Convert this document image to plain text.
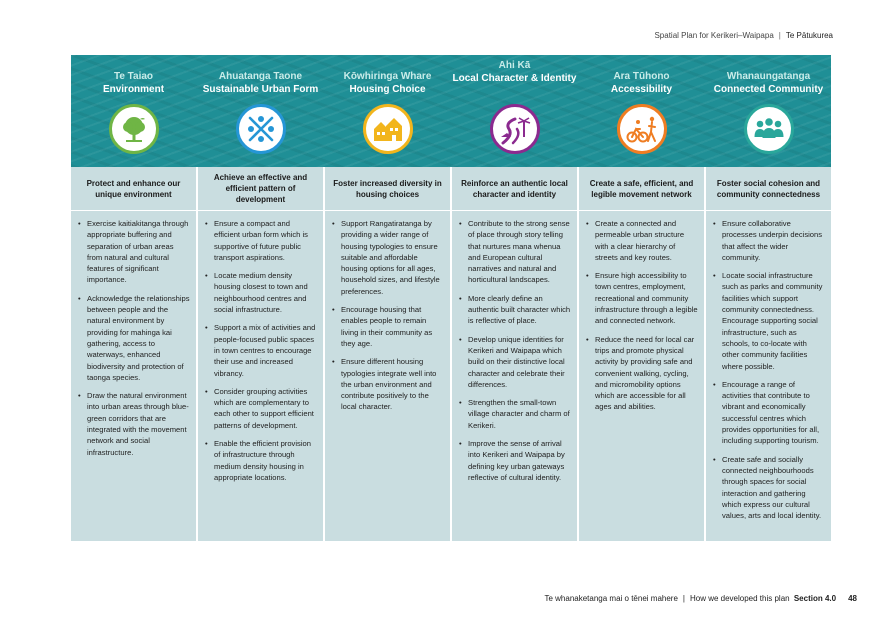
Spatial Plan for Kerikeri–Waipapa | Te Pātukurea
Te Taiao
Environment
Protect and enhance our unique environment
• Exercise kaitiakitanga through appropriate buffering and separation of urban areas from natural and cultural features of significant importance.
• Acknowledge the relationships between people and the natural environment by providing for mahinga kai gathering, access to waterways, enhanced biodiversity and protection of taonga species.
• Draw the natural environment into urban areas through blue-green corridors that are integrated with the movement network and social infrastructure.
Ahuatanga Taone
Sustainable Urban Form
Achieve an effective and efficient pattern of development
• Ensure a compact and efficient urban form which is supportive of future public transport aspirations.
• Locate medium density housing closest to town and neighbourhood centres and social infrastructure.
• Support a mix of activities and people-focused public spaces in town centres to encourage their use and increased vibrancy.
• Consider grouping activities which are complementary to each other to support efficient patterns of development.
• Enable the efficient provision of infrastructure through medium density housing in appropriate locations.
Kōwhiringa Whare
Housing Choice
Foster increased diversity in housing choices
• Support Rangatiratanga by providing a wider range of housing typologies to ensure suitable and affordable housing options for all ages, household sizes, and lifestyle preferences.
• Encourage housing that enables people to remain living in their community as they age.
• Ensure different housing typologies integrate well into the urban environment and contribute positively to the local character.
Ahi Kā
Local Character & Identity
Reinforce an authentic local character and identity
• Contribute to the strong sense of place through story telling that nurtures mana whenua and European cultural narratives and natural and horticultural landscapes.
• More clearly define an authentic built character which is reflective of place.
• Develop unique identities for Kerikeri and Waipapa which build on their distinctive local character and celebrate their differences.
• Strengthen the small-town village character and charm of Kerikeri.
• Improve the sense of arrival into Kerikeri and Waipapa by defining key urban gateways reflective of cultural identity.
Ara Tūhono
Accessibility
Create a safe, efficient, and legible movement network
• Create a connected and permeable urban structure with a clear hierarchy of streets and key routes.
• Ensure high accessibility to town centres, employment, recreational and community infrastructure through a legible and connected network.
• Reduce the need for local car trips and promote physical activity by providing safe and convenient walking, cycling, and micromobility options which are accessible for all ages and abilities.
Whanaungatanga
Connected Community
Foster social cohesion and community connectedness
• Ensure collaborative processes underpin decisions that affect the wider community.
• Locate social infrastructure such as parks and community facilities which support community connectedness. Encourage supporting social infrastructure, such as schools, to co-locate with other community facilities where possible.
• Encourage a range of activities that contribute to vibrant and economically successful centres which provides opportunities for all, including supporting tourism.
• Create safe and socially connected neighbourhoods through spaces for social interaction and gathering which express our cultural values, arts and local identity.
Te whanaketanga mai o tēnei mahere | How we developed this plan Section 4.0 48
